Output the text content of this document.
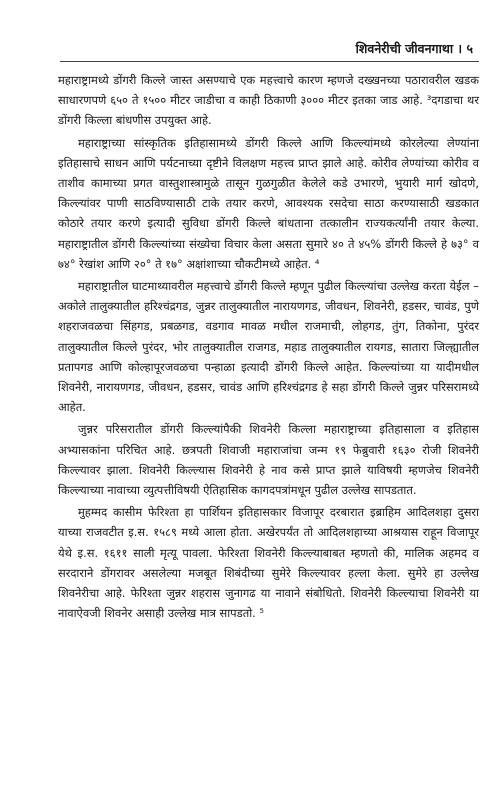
शिवनेरीची जीवनगाथा । ५

महाराष्ट्रामध्ये डोंगरी किल्ले जास्त असण्याचे एक महत्त्वाचे कारण म्हणजे दख्खनच्या पठारावरील खडक साधारणपणे ६५० ते १५०० मीटर जाडीचा व काही ठिकाणी ३००० मीटर इतका जाड आहे. ³दगडाचा थर डोंगरी किल्ला बांधणीस उपयुक्त आहे.

महाराष्ट्राच्या सांस्कृतिक इतिहासामध्ये डोंगरी किल्ले आणि किल्ल्यांमध्ये कोरलेल्या लेण्यांना इतिहासाचे साधन आणि पर्यटनाच्या दृष्टीने विलक्षण महत्त्व प्राप्त झाले आहे. कोरीव लेण्यांच्या कोरीव व ताशीव कामाच्या प्रगत वास्तुशास्त्रामुळे तासून गुळगुळीत केलेले कडे उभारणे, भुयारी मार्ग खोदणे, किल्ल्यांवर पाणी साठविण्यासाठी टाके तयार करणे, आवश्यक रसदेचा साठा करण्यासाठी खडकात कोठारे तयार करणे इत्यादी सुविधा डोंगरी किल्ले बांधताना तत्कालीन राज्यकर्त्यांनी तयार केल्या. महाराष्ट्रातील डोंगरी किल्ल्यांच्या संख्येचा विचार केला असता सुमारे ४० ते ४५% डोंगरी किल्ले हे ७३° व ७४° रेखांश आणि २०° ते १७° अक्षांशाच्या चौकटीमध्ये आहेत. ⁴

महाराष्ट्रातील घाटमाथ्यावरील महत्त्वाचे डोंगरी किल्ले म्हणून पुढील किल्ल्यांचा उल्लेख करता येईल – अकोले तालुक्यातील हरिश्चंद्रगड, जुन्नर तालुक्यातील नारायणगड, जीवधन, शिवनेरी, हडसर, चावंड, पुणे शहराजवळचा सिंहगड, प्रबळगड, वडगाव मावळ मधील राजमाची, लोहगड, तुंग, तिकोना, पुरंदर तालुक्यातील किल्ले पुरंदर, भोर तालुक्यातील राजगड, महाड तालुक्यातील रायगड, सातारा जिल्ह्यातील प्रतापगड आणि कोल्हापूरजवळचा पन्हाळा इत्यादी डोंगरी किल्ले आहेत. किल्ल्यांच्या या यादीमधील शिवनेरी, नारायणगड, जीवधन, हडसर, चावंड आणि हरिश्चंद्रगड हे सहा डोंगरी किल्ले जुन्नर परिसरामध्ये आहेत.

जुन्नर परिसरातील डोंगरी किल्ल्यांपैकी शिवनेरी किल्ला महाराष्ट्राच्या इतिहासाला व इतिहास अभ्यासकांना परिचित आहे. छत्रपती शिवाजी महाराजांचा जन्म १९ फेब्रुवारी १६३० रोजी शिवनेरी किल्ल्यावर झाला. शिवनेरी किल्ल्यास शिवनेरी हे नाव कसे प्राप्त झाले याविषयी म्हणजेच शिवनेरी किल्ल्याच्या नावाच्या व्युत्पत्तीविषयी ऐतिहासिक कागदपत्रांमधून पुढील उल्लेख सापडतात.

मुहम्मद कासीम फेरिश्ता हा पार्शियन इतिहासकार विजापूर दरबारात इब्राहिम आदिलशहा दुसरा याच्या राजवटीत इ.स. १५८९ मध्ये आला होता. अखेरपर्यंत तो आदिलशहाच्या आश्रयास राहून विजापूर येथे इ.स. १६११ साली मृत्यू पावला. फेरिश्ता शिवनेरी किल्ल्याबाबत म्हणतो की, मालिक अहमद व सरदाराने डोंगरावर असलेल्या मजबूत शिबंदीच्या सुमेरे किल्ल्यावर हल्ला केला. सुमेरे हा उल्लेख शिवनेरीचा आहे. फेरिश्ता जुन्नर शहरास जुनागढ या नावाने संबोधितो. शिवनेरी किल्ल्याचा शिवनेरी या नावाऐवजी शिवनेर असाही उल्लेख मात्र सापडतो. ⁵
